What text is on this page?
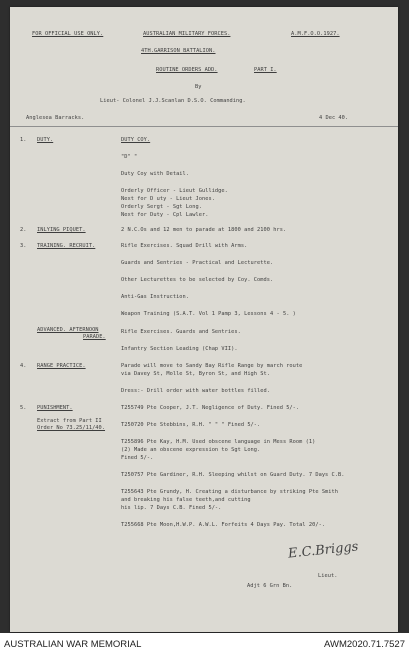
FOR OFFICIAL USE ONLY.	AUSTRALIAN MILITARY FORCES.	A.M.F.O.O.1927.
4TH.GARRISON BATTALION.
ROUTINE ORDERS ADD.	PART I.
By
Lieut- Colonel J.J.Scanlan D.S.O. Commanding.
Anglesea Barracks.	4 Dec 40.
1. DUTY.	DUTY COY.
"D" "
Duty Coy with Detail.
Orderly Officer - Lieut Gullidge.
Next for D uty - Lieut Jones.
Orderly Sergt - Sgt Long.
Next for Duty - Cpl Lawler.
2. INLYING PIQUET.	2 N.C.Os and 12 men to parade at 1800 and 2100 hrs.
3. TRAINING. RECRUIT.	Rifle Exercises. Squad Drill with Arms.
Guards and Sentries - Practical and Lecturette.
Other Lecturettes to be selected by Coy. Comds.
Anti-Gas Instruction.
Weapon Training (S.A.T. Vol 1 Pamp 3, Lessons 4 - 5. )
ADVANCED. AFTERNOON
PARADE.
Rifle Exercises. Guards and Sentries.
Infantry Section Leading (Chap VII).
4. RANGE PRACTICE.	Parade will move to Sandy Bay Rifle Range by march route
via Davey St, Molle St, Byron St, and High St.
Dress:- Drill order with water bottles filled.
5. PUNISHMENT.
Extract from Part II
Order No 73.25/11/40.
T255749 Pte Cooper, J.T. Negligence of Duty. Fined 5/-.
T250720 Pte Stebbins, R.H. " " " Fined 5/-.
T255896 Pte Kay, H.M. Used obscene language in Mess Room (1)
(2) Made an obscene expression to Sgt Long.
Fined 5/-.
T250757 Pte Gardiner, R.H. Sleeping whilst on Guard Duty. 7 Days C.B.
T255643 Pte Grundy, H. Creating a disturbance by striking Pte Smith
and breaking his false teeth,and cutting
his lip. 7 Days C.B. Fined 5/-.
T255668 Pte Moon,H.W.P. A.W.L. Forfeits 4 Days Pay. Total 20/-.
E.C.Briggs
Lieut.
Adjt 6 Grn Bn.
AUSTRALIAN WAR MEMORIAL	AWM2020.71.7527
